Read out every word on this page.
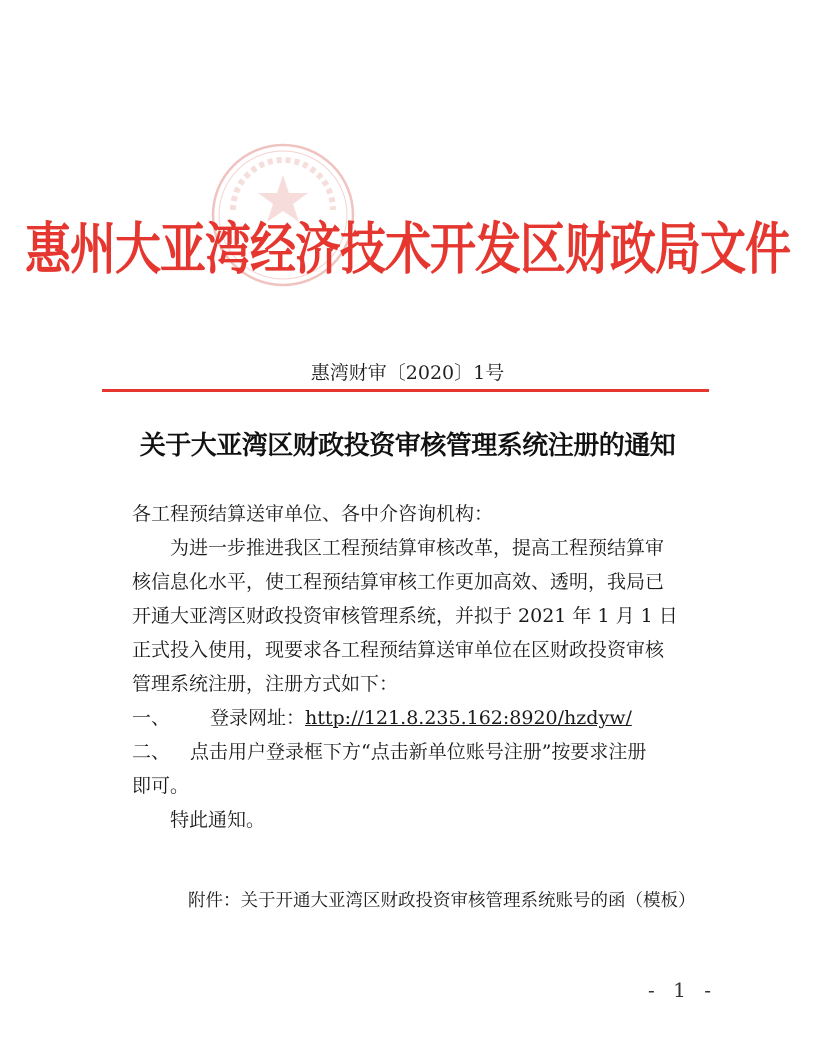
惠州大亚湾经济技术开发区财政局文件
惠湾财审〔2020〕1号
关于大亚湾区财政投资审核管理系统注册的通知
各工程预结算送审单位、各中介咨询机构：
为进一步推进我区工程预结算审核改革，提高工程预结算审
核信息化水平，使工程预结算审核工作更加高效、透明，我局已
开通大亚湾区财政投资审核管理系统，并拟于 2021 年 1 月 1 日
正式投入使用，现要求各工程预结算送审单位在区财政投资审核
管理系统注册，注册方式如下：
一、 登录网址：http://121.8.235.162:8920/hzdyw/
二、 点击用户登录框下方“点击新单位账号注册”按要求注册
即可。
特此通知。
附件：关于开通大亚湾区财政投资审核管理系统账号的函（模板）
- 1 -
